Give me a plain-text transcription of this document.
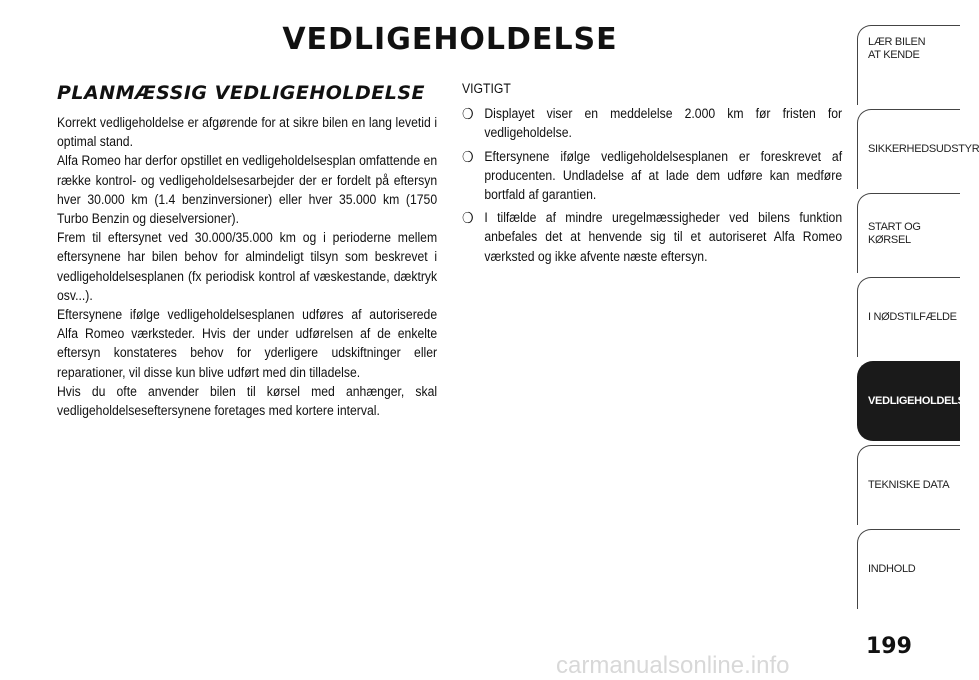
VEDLIGEHOLDELSE
PLANMÆSSIG VEDLIGEHOLDELSE

Korrekt vedligeholdelse er afgørende for at sikre bilen en lang levetid i optimal stand.

Alfa Romeo har derfor opstillet en vedligeholdelsesplan omfattende en række kontrol- og vedligeholdelsesarbejder der er fordelt på eftersyn hver 30.000 km (1.4 benzinversioner) eller hver 35.000 km (1750 Turbo Benzin og dieselversioner).

Frem til eftersynet ved 30.000/35.000 km og i perioderne mellem eftersynene har bilen behov for almindeligt tilsyn som beskrevet i vedligeholdelsesplanen (fx periodisk kontrol af væskestande, dæktryk osv...).

Eftersynene ifølge vedligeholdelsesplanen udføres af autoriserede Alfa Romeo værksteder. Hvis der under udførelsen af de enkelte eftersyn konstateres behov for yderligere udskiftninger eller reparationer, vil disse kun blive udført med din tilladelse.

Hvis du ofte anvender bilen til kørsel med anhænger, skal vedligeholdelseseftersynene foretages med kortere interval.

VIGTIGT
❍ Displayet viser en meddelelse 2.000 km før fristen for vedligeholdelse.
❍ Eftersynene ifølge vedligeholdelsesplanen er foreskrevet af producenten. Undladelse af at lade dem udføre kan medføre bortfald af garantien.
❍ I tilfælde af mindre uregelmæssigheder ved bilens funktion anbefales det at henvende sig til et autoriseret Alfa Romeo værksted og ikke afvente næste eftersyn.
LÆR BILEN
AT KENDE
SIKKERHEDSUDSTYR
START OG KØRSEL
I NØDSTILFÆLDE
VEDLIGEHOLDELSE
TEKNISKE DATA
INDHOLD
199
carmanualsonline.info
